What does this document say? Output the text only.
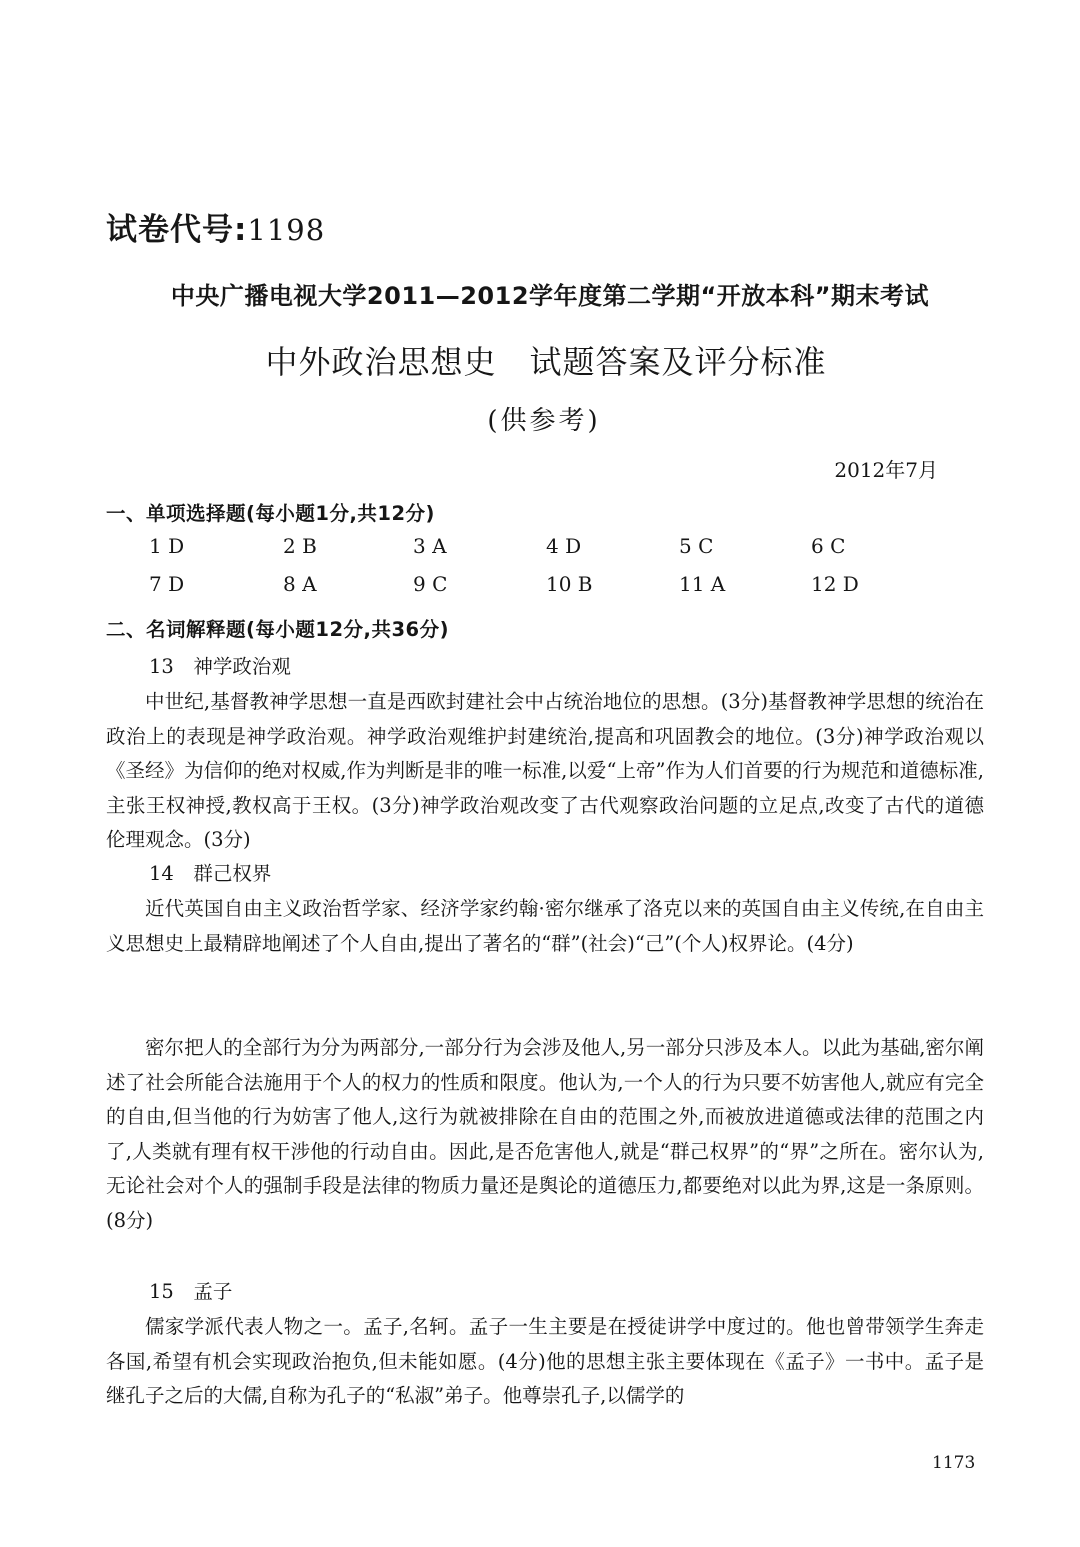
试卷代号:1198
中央广播电视大学2011—2012学年度第二学期“开放本科”期末考试
中外政治思想史　试题答案及评分标准
(供参考)
2012年7月
一、单项选择题(每小题1分,共12分)
1 D	2 B	3 A	4 D	5 C	6 C
7 D	8 A	9 C	10 B	11 A	12 D
二、名词解释题(每小题12分,共36分)
13　神学政治观

中世纪,基督教神学思想一直是西欧封建社会中占统治地位的思想。(3分)基督教神学思想的统治在政治上的表现是神学政治观。神学政治观维护封建统治,提高和巩固教会的地位。(3分)神学政治观以《圣经》为信仰的绝对权威,作为判断是非的唯一标准,以爱“上帝”作为人们首要的行为规范和道德标准,主张王权神授,教权高于王权。(3分)神学政治观改变了古代观察政治问题的立足点,改变了古代的道德伦理观念。(3分)

14　群己权界

近代英国自由主义政治哲学家、经济学家约翰·密尔继承了洛克以来的英国自由主义传统,在自由主义思想史上最精辟地阐述了个人自由,提出了著名的“群”(社会)“己”(个人)权界论。(4分)

密尔把人的全部行为分为两部分,一部分行为会涉及他人,另一部分只涉及本人。以此为基础,密尔阐述了社会所能合法施用于个人的权力的性质和限度。他认为,一个人的行为只要不妨害他人,就应有完全的自由,但当他的行为妨害了他人,这行为就被排除在自由的范围之外,而被放进道德或法律的范围之内了,人类就有理有权干涉他的行动自由。因此,是否危害他人,就是“群己权界”的“界”之所在。密尔认为,无论社会对个人的强制手段是法律的物质力量还是舆论的道德压力,都要绝对以此为界,这是一条原则。(8分)

15　孟子

儒家学派代表人物之一。孟子,名轲。孟子一生主要是在授徒讲学中度过的。他也曾带领学生奔走各国,希望有机会实现政治抱负,但未能如愿。(4分)他的思想主张主要体现在《孟子》一书中。孟子是继孔子之后的大儒,自称为孔子的“私淑”弟子。他尊崇孔子,以儒学的

1173
